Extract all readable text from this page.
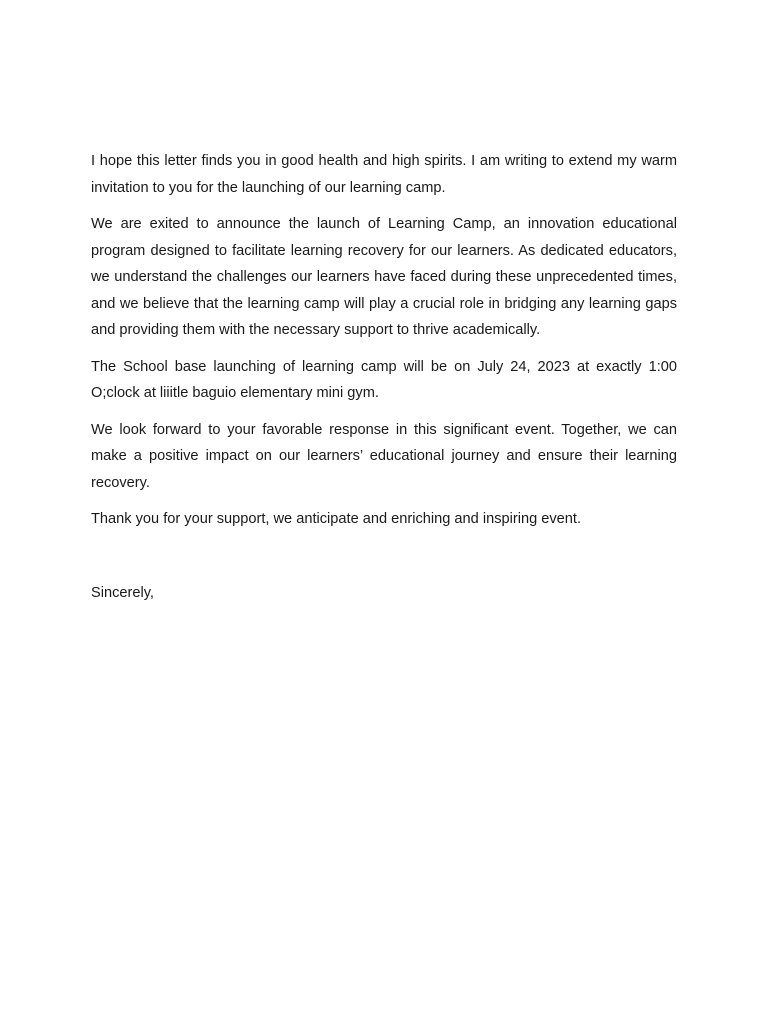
I hope this letter finds you in good health and high spirits. I am writing to extend my warm invitation to you for the launching of our learning camp.

We are exited to announce the launch of Learning Camp, an innovation educational program designed to facilitate learning recovery for our learners. As dedicated educators, we understand the challenges our learners have faced during these unprecedented times, and we believe that the learning camp will play a crucial role in bridging any learning gaps and providing them with the necessary support to thrive academically.

The School base launching of learning camp will be on July 24, 2023 at exactly 1:00 O;clock at liiitle baguio elementary mini gym.

We look forward to your favorable response in this significant event. Together, we can make a positive impact on our learners’ educational journey and ensure their learning recovery.

Thank you for your support, we anticipate and enriching and inspiring event.

Sincerely,
